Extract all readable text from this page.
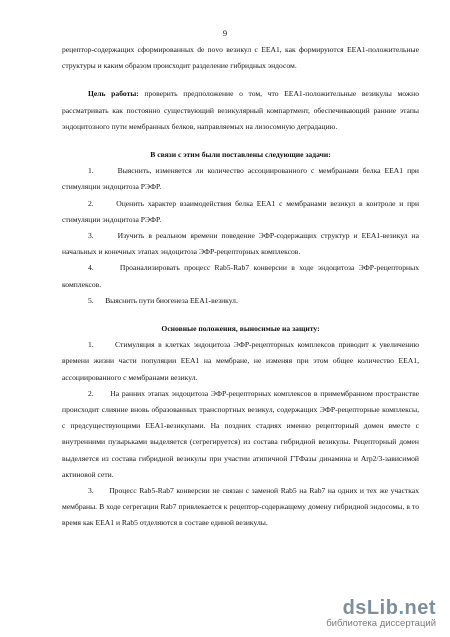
9

рецептор-содержащих сформированных de novo везикул с EEA1, как формируются EEA1-положительные структуры и каким образом происходит разделение гибридных эндосом.

Цель работы: проверить предположение о том, что EEA1-положительные везикулы можно рассматривать как постоянно существующий везикулярный компартмент, обеспечивающий ранние этапы эндоцитозного пути мембранных белков, направляемых на лизосомную деградацию.

В связи с этим были поставлены следующие задачи:

1.	Выяснить, изменяется ли количество ассоциированного с мембранами белка EEA1 при стимуляции эндоцитоза РЭФР.

2.	Оценить характер взаимодействия белка EEA1 с мембранами везикул в контроле и при стимуляции эндоцитоза РЭФР.

3.	Изучить в реальном времени поведение ЭФР-содержащих структур и EEA1-везикул на начальных и конечных этапах эндоцитоза ЭФР-рецепторных комплексов.

4.	Проанализировать процесс Rab5-Rab7 конверсии в ходе эндоцитоза ЭФР-рецепторных комплексов.

5. Выяснить пути биогенеза EEA1-везикул.

Основные положения, выносимые на защиту:

1.	Стимуляция в клетках эндоцитоза ЭФР-рецепторных комплексов приводит к увеличению времени жизни части популяции EEA1 на мембране, не изменяя при этом общее количество EEA1, ассоциированного с мембранами везикул.

2. На ранних этапах эндоцитоза ЭФР-рецепторных комплексов в примембранном пространстве происходит слияние вновь образованных транспортных везикул, содержащих ЭФР-рецепторные комплексы, с предсуществующими EEA1-везикулами. На поздних стадиях именно рецепторный домен вместе с внутренними пузырьками выделяется (сегрегируется) из состава гибридной везикулы. Рецепторный домен выделяется из состава гибридной везикулы при участии атипичной ГТФазы динамина и Arp2/3-зависимой актиновой сети.

3. Процесс Rab5-Rab7 конверсии не связан с заменой Rab5 на Rab7 на одних и тех же участках мембраны. В ходе сегрегации Rab7 привлекается к рецептор-содержащему домену гибридной эндосомы, в то время как EEA1 и Rab5 отделяются в составе единой везикулы.

dsLib.net
библиотека диссертаций
